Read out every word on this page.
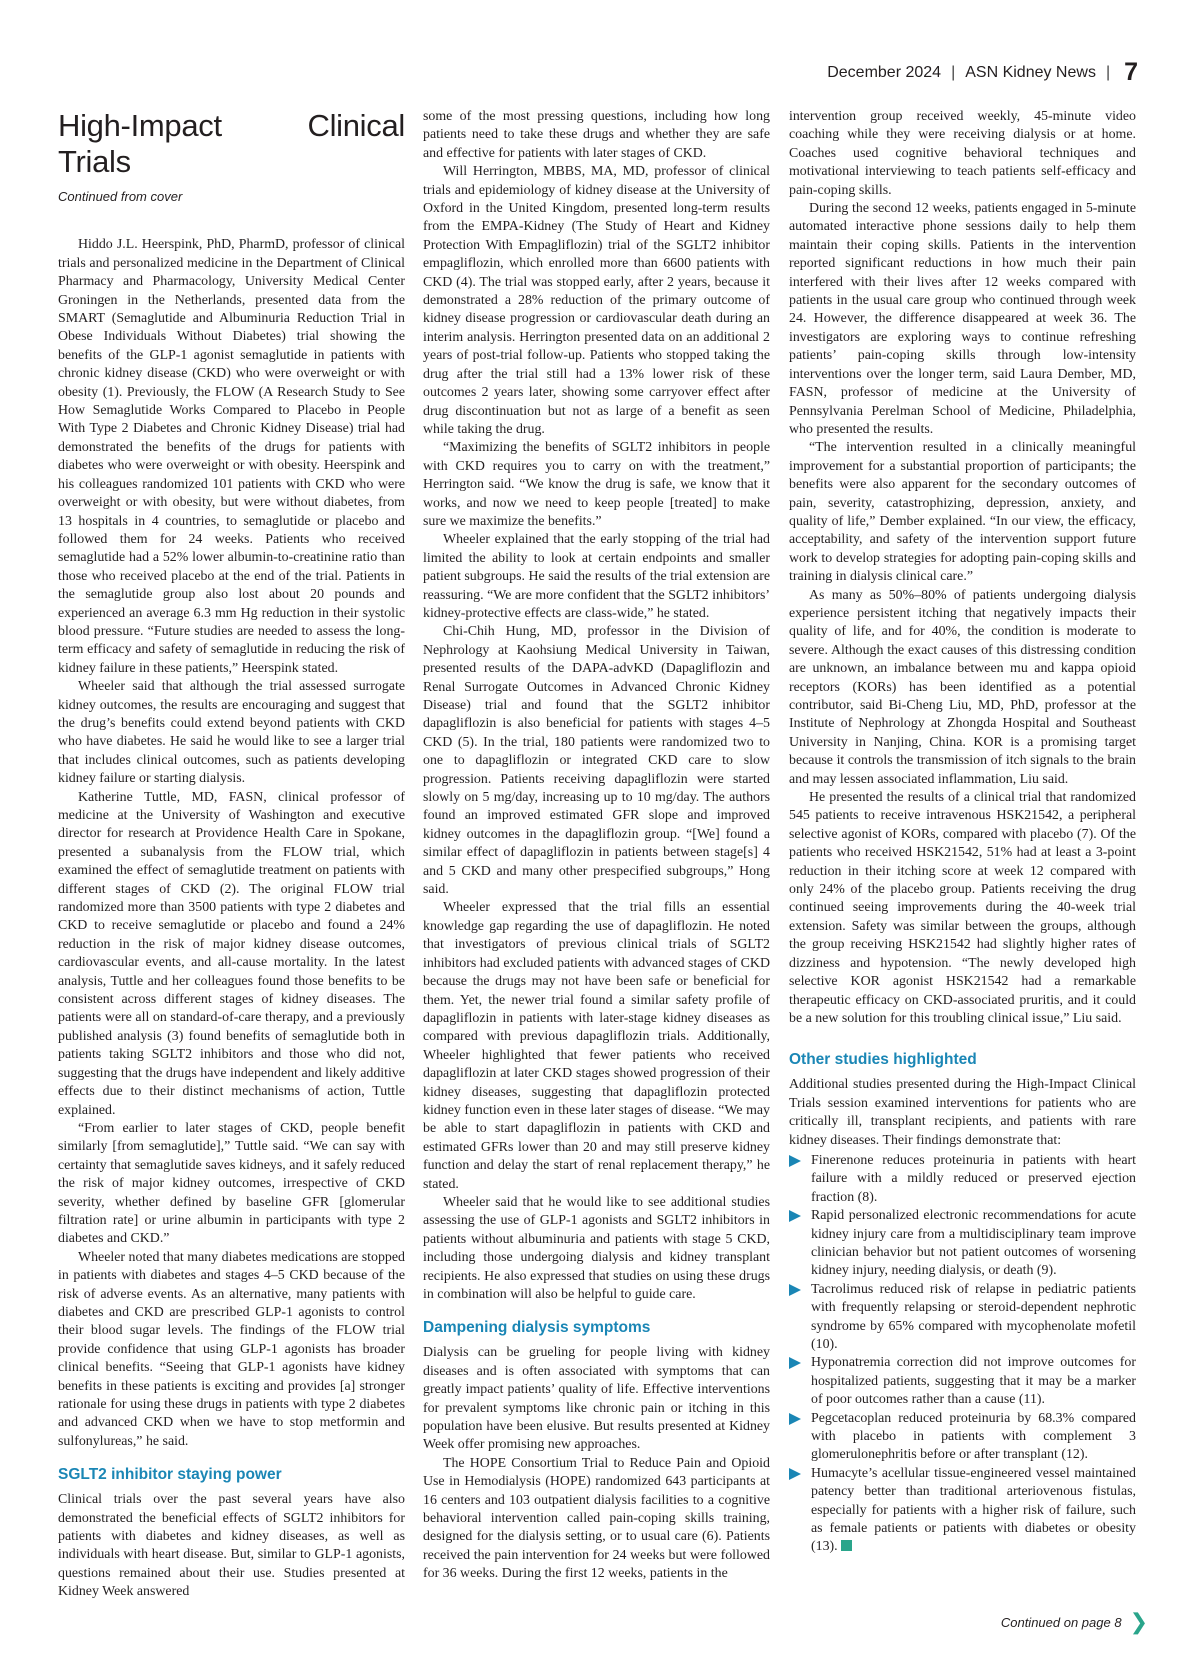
December 2024 | ASN Kidney News | 7
High-Impact Clinical Trials
Continued from cover

Hiddo J.L. Heerspink, PhD, PharmD, professor of clinical trials and personalized medicine in the Department of Clinical Pharmacy and Pharmacology, University Medical Center Groningen in the Netherlands, presented data from the SMART (Semaglutide and Albuminuria Reduction Trial in Obese Individuals Without Diabetes) trial showing the benefits of the GLP-1 agonist semaglutide in patients with chronic kidney disease (CKD) who were overweight or with obesity (1). Previously, the FLOW (A Research Study to See How Semaglutide Works Compared to Placebo in People With Type 2 Diabetes and Chronic Kidney Disease) trial had demonstrated the benefits of the drugs for patients with diabetes who were overweight or with obesity. Heerspink and his colleagues randomized 101 patients with CKD who were overweight or with obesity, but were without diabetes, from 13 hospitals in 4 countries, to semaglutide or placebo and followed them for 24 weeks. Patients who received semaglutide had a 52% lower albumin-to-creatinine ratio than those who received placebo at the end of the trial. Patients in the semaglutide group also lost about 20 pounds and experienced an average 6.3 mm Hg reduction in their systolic blood pressure. “Future studies are needed to assess the long-term efficacy and safety of semaglutide in reducing the risk of kidney failure in these patients,” Heerspink stated.

Wheeler said that although the trial assessed surrogate kidney outcomes, the results are encouraging and suggest that the drug’s benefits could extend beyond patients with CKD who have diabetes. He said he would like to see a larger trial that includes clinical outcomes, such as patients developing kidney failure or starting dialysis.

Katherine Tuttle, MD, FASN, clinical professor of medicine at the University of Washington and executive director for research at Providence Health Care in Spokane, presented a subanalysis from the FLOW trial, which examined the effect of semaglutide treatment on patients with different stages of CKD (2). The original FLOW trial randomized more than 3500 patients with type 2 diabetes and CKD to receive semaglutide or placebo and found a 24% reduction in the risk of major kidney disease outcomes, cardiovascular events, and all-cause mortality. In the latest analysis, Tuttle and her colleagues found those benefits to be consistent across different stages of kidney diseases. The patients were all on standard-of-care therapy, and a previously published analysis (3) found benefits of semaglutide both in patients taking SGLT2 inhibitors and those who did not, suggesting that the drugs have independent and likely additive effects due to their distinct mechanisms of action, Tuttle explained.

“From earlier to later stages of CKD, people benefit similarly [from semaglutide],” Tuttle said. “We can say with certainty that semaglutide saves kidneys, and it safely reduced the risk of major kidney outcomes, irrespective of CKD severity, whether defined by baseline GFR [glomerular filtration rate] or urine albumin in participants with type 2 diabetes and CKD.”

Wheeler noted that many diabetes medications are stopped in patients with diabetes and stages 4–5 CKD because of the risk of adverse events. As an alternative, many patients with diabetes and CKD are prescribed GLP-1 agonists to control their blood sugar levels. The findings of the FLOW trial provide confidence that using GLP-1 agonists has broader clinical benefits. “Seeing that GLP-1 agonists have kidney benefits in these patients is exciting and provides [a] stronger rationale for using these drugs in patients with type 2 diabetes and advanced CKD when we have to stop metformin and sulfonylureas,” he said.

SGLT2 inhibitor staying power

Clinical trials over the past several years have also demonstrated the beneficial effects of SGLT2 inhibitors for patients with diabetes and kidney diseases, as well as individuals with heart disease. But, similar to GLP-1 agonists, questions remained about their use. Studies presented at Kidney Week answered

some of the most pressing questions, including how long patients need to take these drugs and whether they are safe and effective for patients with later stages of CKD.

Will Herrington, MBBS, MA, MD, professor of clinical trials and epidemiology of kidney disease at the University of Oxford in the United Kingdom, presented long-term results from the EMPA-Kidney (The Study of Heart and Kidney Protection With Empagliflozin) trial of the SGLT2 inhibitor empagliflozin, which enrolled more than 6600 patients with CKD (4). The trial was stopped early, after 2 years, because it demonstrated a 28% reduction of the primary outcome of kidney disease progression or cardiovascular death during an interim analysis. Herrington presented data on an additional 2 years of post-trial follow-up. Patients who stopped taking the drug after the trial still had a 13% lower risk of these outcomes 2 years later, showing some carryover effect after drug discontinuation but not as large of a benefit as seen while taking the drug.

“Maximizing the benefits of SGLT2 inhibitors in people with CKD requires you to carry on with the treatment,” Herrington said. “We know the drug is safe, we know that it works, and now we need to keep people [treated] to make sure we maximize the benefits.”

Wheeler explained that the early stopping of the trial had limited the ability to look at certain endpoints and smaller patient subgroups. He said the results of the trial extension are reassuring. “We are more confident that the SGLT2 inhibitors’ kidney-protective effects are class-wide,” he stated.

Chi-Chih Hung, MD, professor in the Division of Nephrology at Kaohsiung Medical University in Taiwan, presented results of the DAPA-advKD (Dapagliflozin and Renal Surrogate Outcomes in Advanced Chronic Kidney Disease) trial and found that the SGLT2 inhibitor dapagliflozin is also beneficial for patients with stages 4–5 CKD (5). In the trial, 180 patients were randomized two to one to dapagliflozin or integrated CKD care to slow progression. Patients receiving dapagliflozin were started slowly on 5 mg/day, increasing up to 10 mg/day. The authors found an improved estimated GFR slope and improved kidney outcomes in the dapagliflozin group. “[We] found a similar effect of dapagliflozin in patients between stage[s] 4 and 5 CKD and many other prespecified subgroups,” Hong said.

Wheeler expressed that the trial fills an essential knowledge gap regarding the use of dapagliflozin. He noted that investigators of previous clinical trials of SGLT2 inhibitors had excluded patients with advanced stages of CKD because the drugs may not have been safe or beneficial for them. Yet, the newer trial found a similar safety profile of dapagliflozin in patients with later-stage kidney diseases as compared with previous dapagliflozin trials. Additionally, Wheeler highlighted that fewer patients who received dapagliflozin at later CKD stages showed progression of their kidney diseases, suggesting that dapagliflozin protected kidney function even in these later stages of disease. “We may be able to start dapagliflozin in patients with CKD and estimated GFRs lower than 20 and may still preserve kidney function and delay the start of renal replacement therapy,” he stated.

Wheeler said that he would like to see additional studies assessing the use of GLP-1 agonists and SGLT2 inhibitors in patients without albuminuria and patients with stage 5 CKD, including those undergoing dialysis and kidney transplant recipients. He also expressed that studies on using these drugs in combination will also be helpful to guide care.

Dampening dialysis symptoms

Dialysis can be grueling for people living with kidney diseases and is often associated with symptoms that can greatly impact patients’ quality of life. Effective interventions for prevalent symptoms like chronic pain or itching in this population have been elusive. But results presented at Kidney Week offer promising new approaches.

The HOPE Consortium Trial to Reduce Pain and Opioid Use in Hemodialysis (HOPE) randomized 643 participants at 16 centers and 103 outpatient dialysis facilities to a cognitive behavioral intervention called pain-coping skills training, designed for the dialysis setting, or to usual care (6). Patients received the pain intervention for 24 weeks but were followed for 36 weeks. During the first 12 weeks, patients in the

intervention group received weekly, 45-minute video coaching while they were receiving dialysis or at home. Coaches used cognitive behavioral techniques and motivational interviewing to teach patients self-efficacy and pain-coping skills.

During the second 12 weeks, patients engaged in 5-minute automated interactive phone sessions daily to help them maintain their coping skills. Patients in the intervention reported significant reductions in how much their pain interfered with their lives after 12 weeks compared with patients in the usual care group who continued through week 24. However, the difference disappeared at week 36. The investigators are exploring ways to continue refreshing patients’ pain-coping skills through low-intensity interventions over the longer term, said Laura Dember, MD, FASN, professor of medicine at the University of Pennsylvania Perelman School of Medicine, Philadelphia, who presented the results.

“The intervention resulted in a clinically meaningful improvement for a substantial proportion of participants; the benefits were also apparent for the secondary outcomes of pain, severity, catastrophizing, depression, anxiety, and quality of life,” Dember explained. “In our view, the efficacy, acceptability, and safety of the intervention support future work to develop strategies for adopting pain-coping skills and training in dialysis clinical care.”

As many as 50%–80% of patients undergoing dialysis experience persistent itching that negatively impacts their quality of life, and for 40%, the condition is moderate to severe. Although the exact causes of this distressing condition are unknown, an imbalance between mu and kappa opioid receptors (KORs) has been identified as a potential contributor, said Bi-Cheng Liu, MD, PhD, professor at the Institute of Nephrology at Zhongda Hospital and Southeast University in Nanjing, China. KOR is a promising target because it controls the transmission of itch signals to the brain and may lessen associated inflammation, Liu said.

He presented the results of a clinical trial that randomized 545 patients to receive intravenous HSK21542, a peripheral selective agonist of KORs, compared with placebo (7). Of the patients who received HSK21542, 51% had at least a 3-point reduction in their itching score at week 12 compared with only 24% of the placebo group. Patients receiving the drug continued seeing improvements during the 40-week trial extension. Safety was similar between the groups, although the group receiving HSK21542 had slightly higher rates of dizziness and hypotension. “The newly developed high selective KOR agonist HSK21542 had a remarkable therapeutic efficacy on CKD-associated pruritis, and it could be a new solution for this troubling clinical issue,” Liu said.

Other studies highlighted

Additional studies presented during the High-Impact Clinical Trials session examined interventions for patients who are critically ill, transplant recipients, and patients with rare kidney diseases. Their findings demonstrate that:

Finerenone reduces proteinuria in patients with heart failure with a mildly reduced or preserved ejection fraction (8).
Rapid personalized electronic recommendations for acute kidney injury care from a multidisciplinary team improve clinician behavior but not patient outcomes of worsening kidney injury, needing dialysis, or death (9).
Tacrolimus reduced risk of relapse in pediatric patients with frequently relapsing or steroid-dependent nephrotic syndrome by 65% compared with mycophenolate mofetil (10).
Hyponatremia correction did not improve outcomes for hospitalized patients, suggesting that it may be a marker of poor outcomes rather than a cause (11).
Pegcetacoplan reduced proteinuria by 68.3% compared with placebo in patients with complement 3 glomerulonephritis before or after transplant (12).
Humacyte’s acellular tissue-engineered vessel maintained patency better than traditional arteriovenous fistulas, especially for patients with a higher risk of failure, such as female patients or patients with diabetes or obesity (13).
Continued on page 8 ❯
